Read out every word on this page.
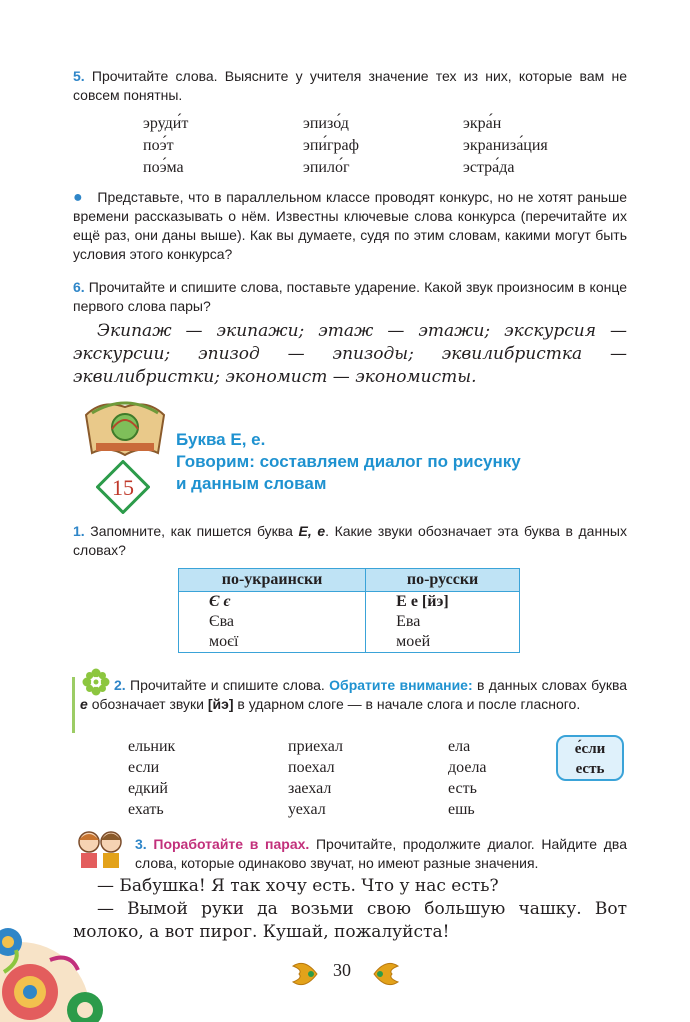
5. Прочитайте слова. Выясните у учителя значение тех из них, которые вам не совсем понятны.

эруди́т	эпизо́д	экра́н
поэ́т	эпи́граф	экраниза́ция
поэ́ма	эпило́г	эстра́да

● Представьте, что в параллельном классе проводят конкурс, но не хотят раньше времени рассказывать о нём. Известны ключевые слова конкурса (перечитайте их ещё раз, они даны выше). Как вы думаете, судя по этим словам, какими могут быть условия этого конкурса?

6. Прочитайте и спишите слова, поставьте ударение. Какой звук произносим в конце первого слова пары?

Экипаж — экипажи; этаж — этажи; экскурсия — экскурсии; эпизод — эпизоды; эквилибристка — эквилибристки; экономист — экономисты.

15
Буква Е, е.
Говорим: составляем диалог по рисунку
и данным словам

1. Запомните, как пишется буква Е, е. Какие звуки обозначает эта буква в данных словах?

по-украински	по-русски
Є є	Е е [йэ]
Єва	Ева
моєї	моей

2. Прочитайте и спишите слова. Обратите внимание: в данных словах буква е обозначает звуки [йэ] в ударном слоге — в начале слога и после гласного.

ельник	приехал	ела
если	поехал	доела
едкий	заехал	есть
ехать	уехал	ешь
е́сли
есть

3. Поработайте в парах. Прочитайте, продолжите диалог. Найдите два слова, которые одинаково звучат, но имеют разные значения.

— Бабушка! Я так хочу есть. Что у нас есть?

— Вымой руки да возьми свою большую чашку. Вот молоко, а вот пирог. Кушай, пожалуйста!

30
